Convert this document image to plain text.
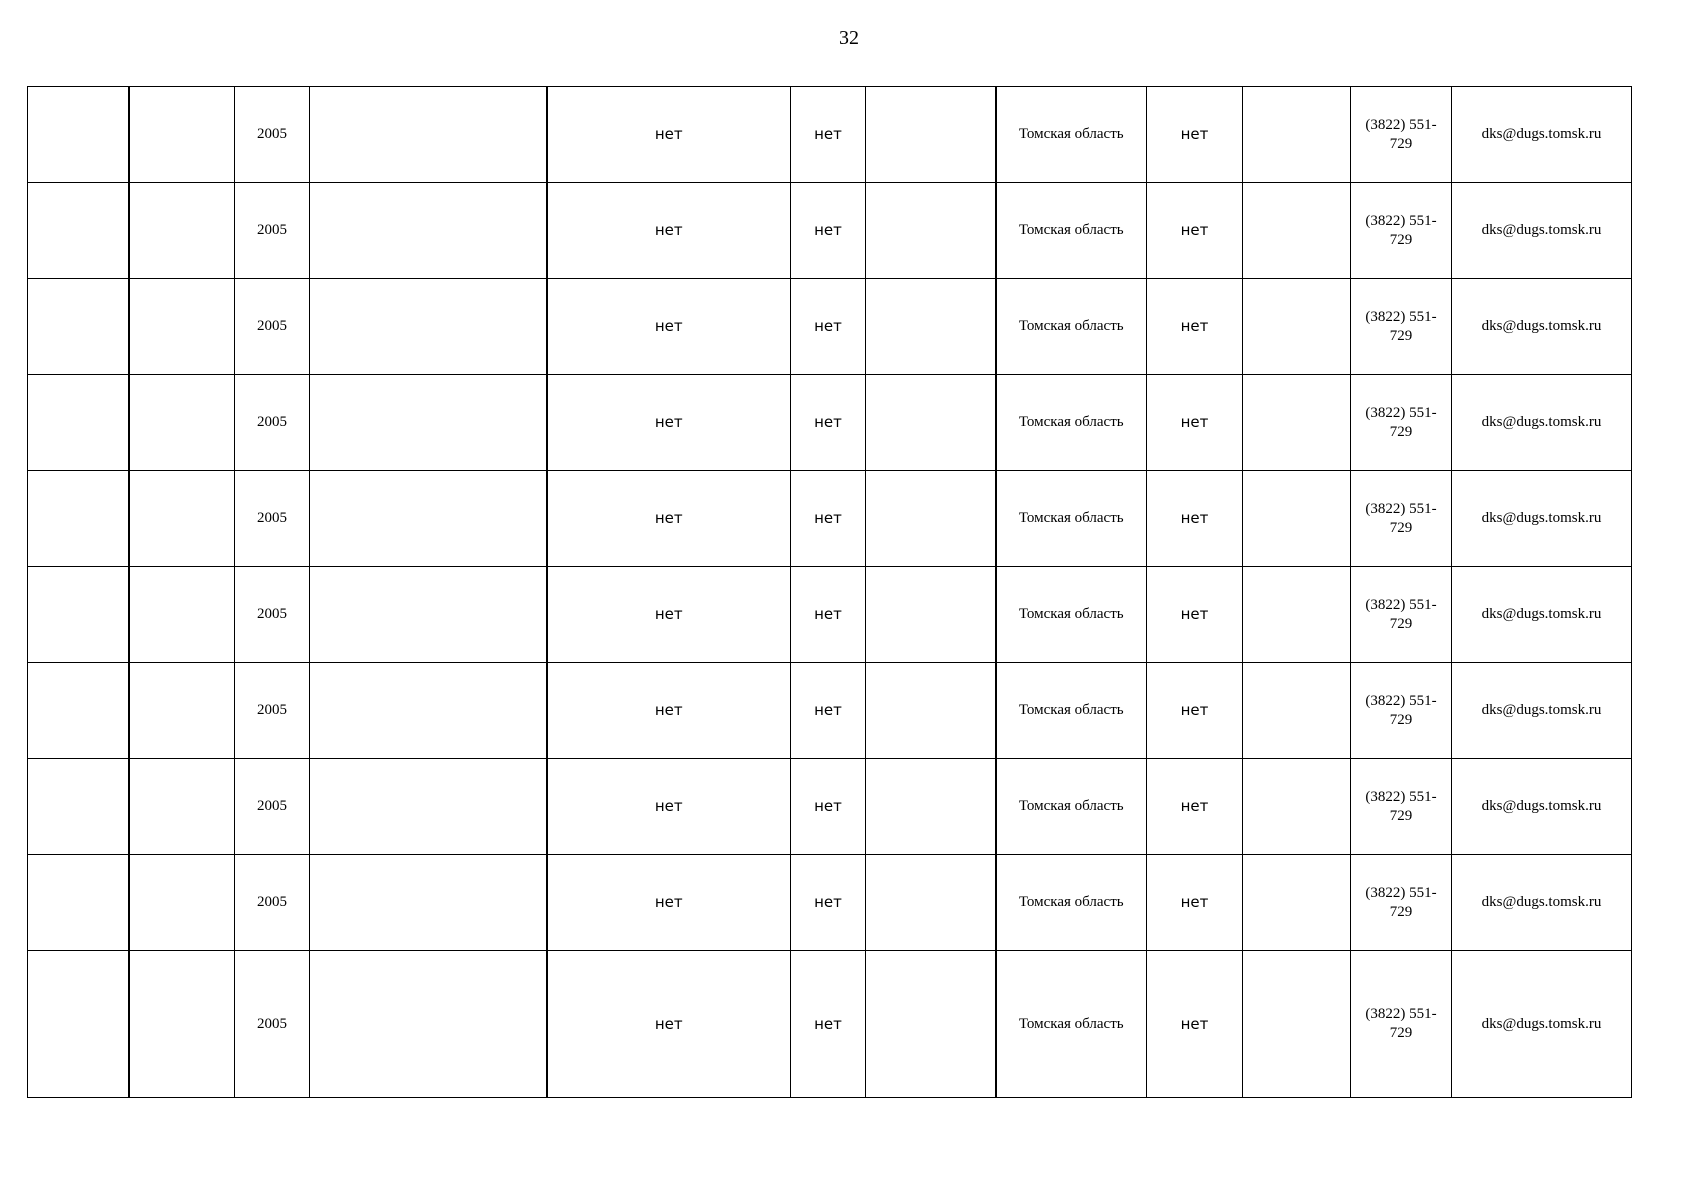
32
		2005		нет	нет		Томская область	нет		(3822) 551-729	dks@dugs.tomsk.ru
		2005		нет	нет		Томская область	нет		(3822) 551-729	dks@dugs.tomsk.ru
		2005		нет	нет		Томская область	нет		(3822) 551-729	dks@dugs.tomsk.ru
		2005		нет	нет		Томская область	нет		(3822) 551-729	dks@dugs.tomsk.ru
		2005		нет	нет		Томская область	нет		(3822) 551-729	dks@dugs.tomsk.ru
		2005		нет	нет		Томская область	нет		(3822) 551-729	dks@dugs.tomsk.ru
		2005		нет	нет		Томская область	нет		(3822) 551-729	dks@dugs.tomsk.ru
		2005		нет	нет		Томская область	нет		(3822) 551-729	dks@dugs.tomsk.ru
		2005		нет	нет		Томская область	нет		(3822) 551-729	dks@dugs.tomsk.ru
		2005		нет	нет		Томская область	нет		(3822) 551-729	dks@dugs.tomsk.ru
